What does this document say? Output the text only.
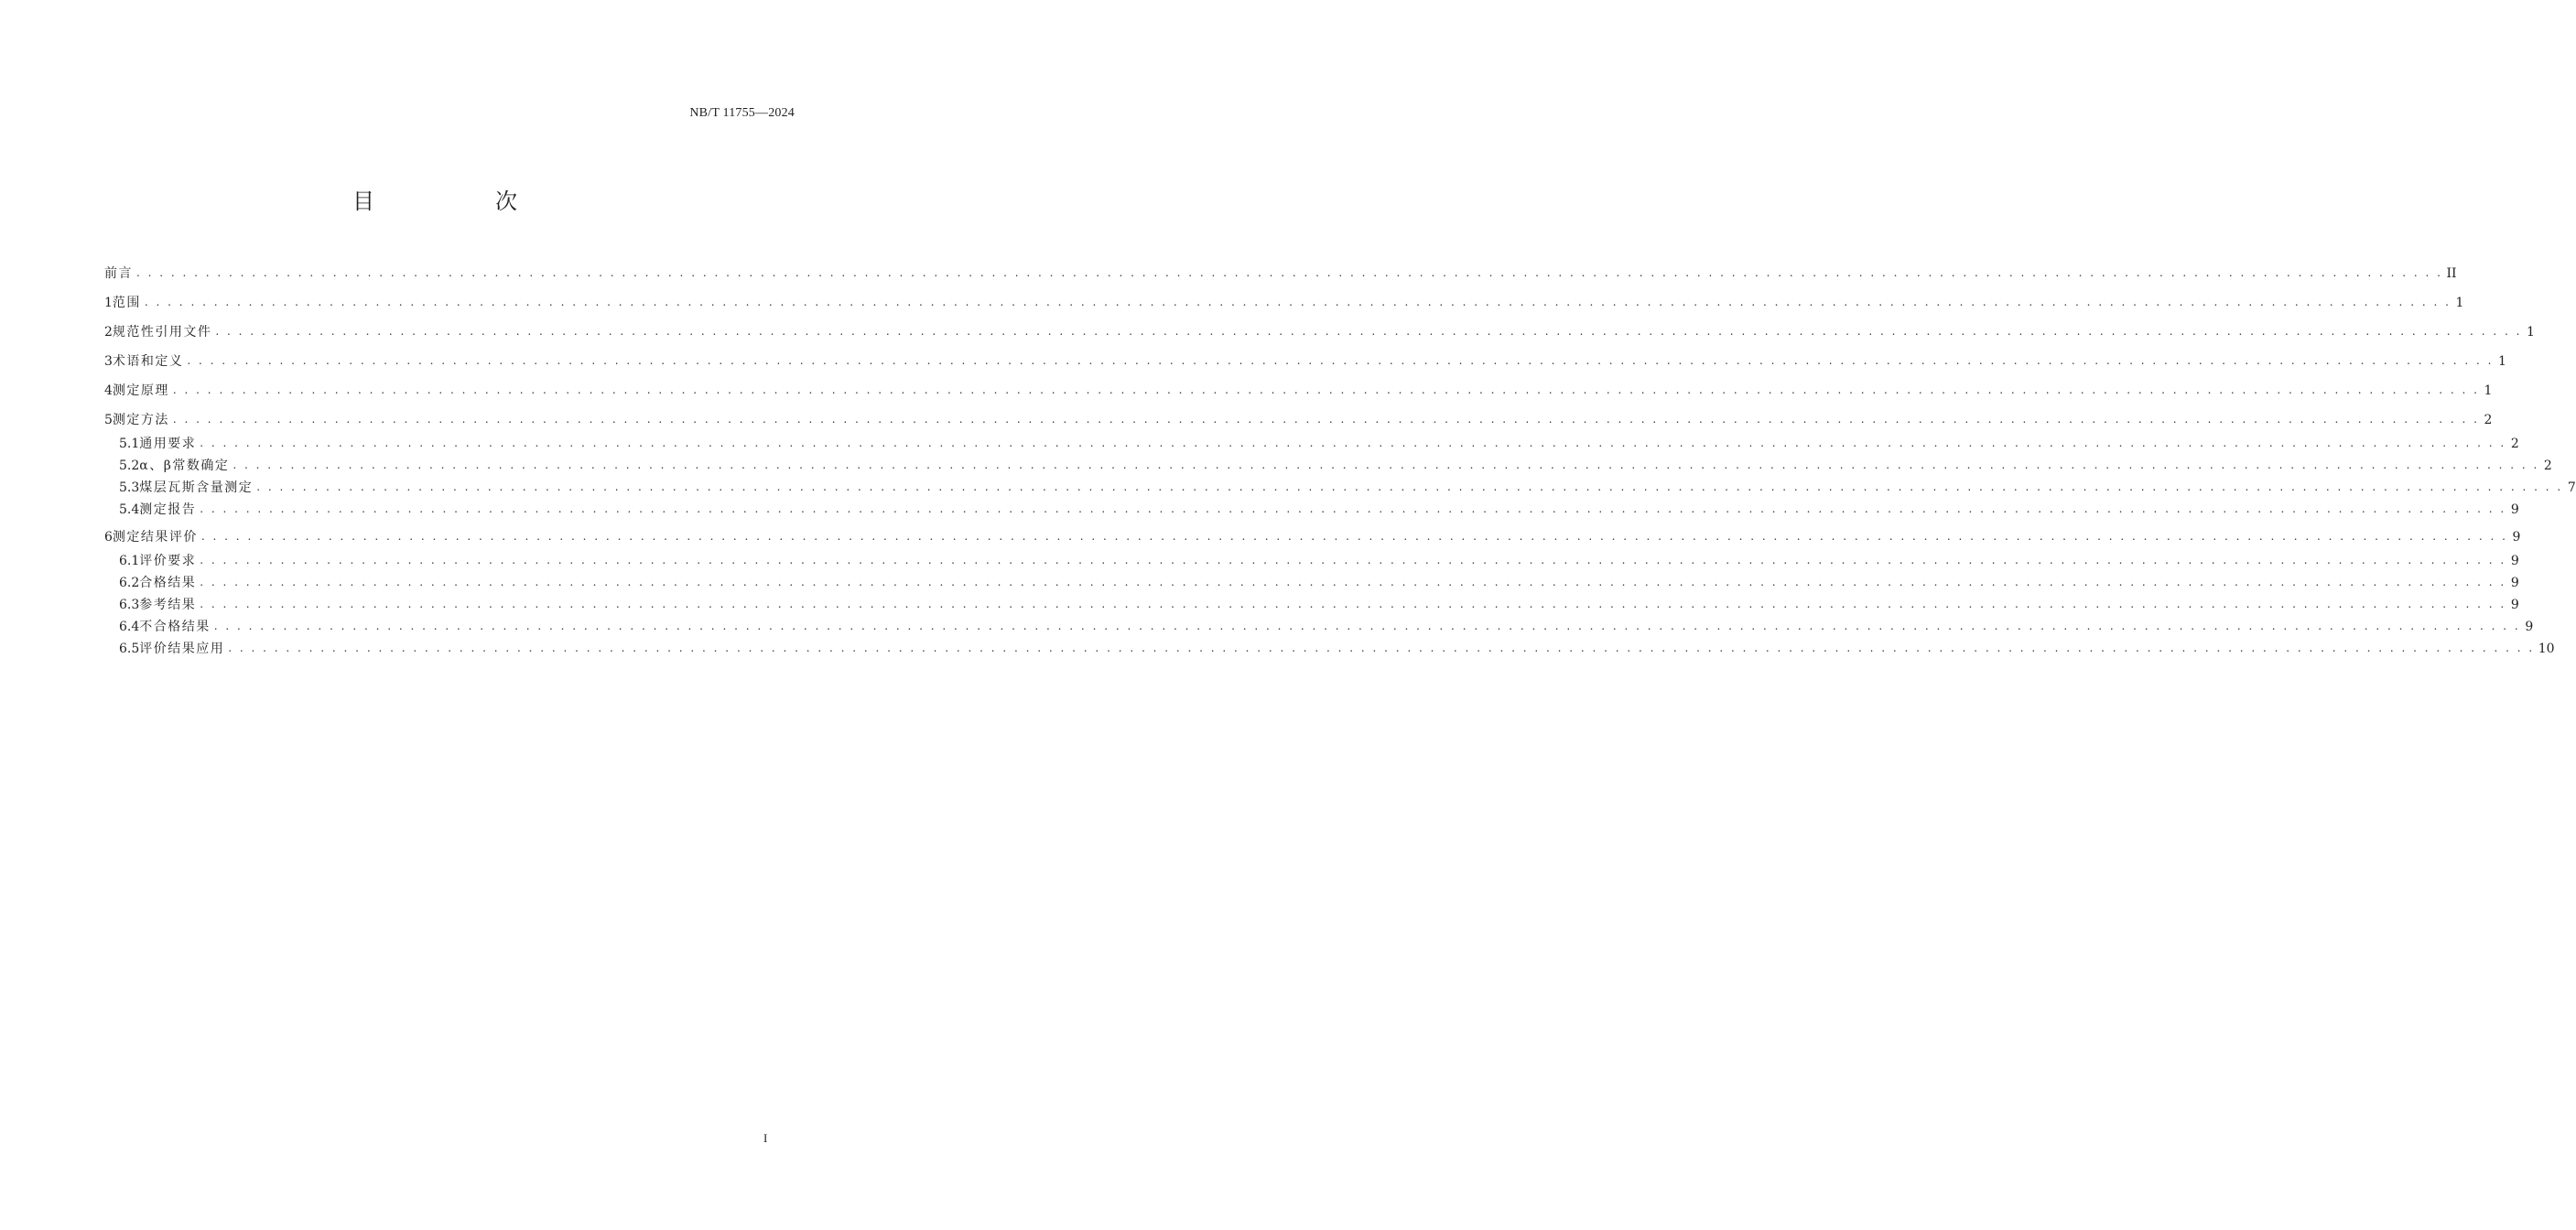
NB/T 11755—2024
目　次
前言 . . . . . . . . . . . . . . . . . . . . . . . . . . . . . . . . . . . . . . . . . . . . . . . . . . . . . . . . . . . . . . . . . . . . . . . . . . . . . . . . . . . . . . . . . . . . . . . . . . . . . . . . . . . . . . . . . . . . . . . . . . . . . . . . . . . . . . . . . . . . . . . . . . . . . . . . . . . . . . . . . . . . . . . . . . . . . . . . . . . . . . . . . . . . . . . . . . . . . . . . II
1 范围 . . . . . . . . . . . . . . . . . . . . . . . . . . . . . . . . . . . . . . . . . . . . . . . . . . . . . . . . . . . . . . . . . . . . . . . . . . . . . . . . . . . . . . . . . . . . . . . . . . . . . . . . . . . . . . . . . . . . . . . . . . . . . . . . . . . . . . . . . . . . . . . . . . . . . . . . . . . . . . . . . . . . . . . . . . . . . . . . . . . . . . . . . . . . . . . . . . . . . . . . 1
2 规范性引用文件 . . . . . . . . . . . . . . . . . . . . . . . . . . . . . . . . . . . . . . . . . . . . . . . . . . . . . . . . . . . . . . . . . . . . . . . . . . . . . . . . . . . . . . . . . . . . . . . . . . . . . . . . . . . . . . . . . . . . . . . . . . . . . . . . . . . . . . . . . . . . . . . . . . . . . . . . . . . . . . . . . . . . . . . . . . . . . . . . . . . . . . . . . . . . . . . . . . . . . . . . 1
3 术语和定义 . . . . . . . . . . . . . . . . . . . . . . . . . . . . . . . . . . . . . . . . . . . . . . . . . . . . . . . . . . . . . . . . . . . . . . . . . . . . . . . . . . . . . . . . . . . . . . . . . . . . . . . . . . . . . . . . . . . . . . . . . . . . . . . . . . . . . . . . . . . . . . . . . . . . . . . . . . . . . . . . . . . . . . . . . . . . . . . . . . . . . . . . . . . . . . . . . . . . . . . . 1
4 测定原理 . . . . . . . . . . . . . . . . . . . . . . . . . . . . . . . . . . . . . . . . . . . . . . . . . . . . . . . . . . . . . . . . . . . . . . . . . . . . . . . . . . . . . . . . . . . . . . . . . . . . . . . . . . . . . . . . . . . . . . . . . . . . . . . . . . . . . . . . . . . . . . . . . . . . . . . . . . . . . . . . . . . . . . . . . . . . . . . . . . . . . . . . . . . . . . . . . . . . . . . . 1
5 测定方法 . . . . . . . . . . . . . . . . . . . . . . . . . . . . . . . . . . . . . . . . . . . . . . . . . . . . . . . . . . . . . . . . . . . . . . . . . . . . . . . . . . . . . . . . . . . . . . . . . . . . . . . . . . . . . . . . . . . . . . . . . . . . . . . . . . . . . . . . . . . . . . . . . . . . . . . . . . . . . . . . . . . . . . . . . . . . . . . . . . . . . . . . . . . . . . . . . . . . . . . . 2
5.1 通用要求 . . . . . . . . . . . . . . . . . . . . . . . . . . . . . . . . . . . . . . . . . . . . . . . . . . . . . . . . . . . . . . . . . . . . . . . . . . . . . . . . . . . . . . . . . . . . . . . . . . . . . . . . . . . . . . . . . . . . . . . . . . . . . . . . . . . . . . . . . . . . . . . . . . . . . . . . . . . . . . . . . . . . . . . . . . . . . . . . . . . . . . . . . . . . . . . . . . . . . . . . 2
5.2 α、β常数确定 . . . . . . . . . . . . . . . . . . . . . . . . . . . . . . . . . . . . . . . . . . . . . . . . . . . . . . . . . . . . . . . . . . . . . . . . . . . . . . . . . . . . . . . . . . . . . . . . . . . . . . . . . . . . . . . . . . . . . . . . . . . . . . . . . . . . . . . . . . . . . . . . . . . . . . . . . . . . . . . . . . . . . . . . . . . . . . . . . . . . . . . . . . . . . . . . . . . . . . . . 2
5.3 煤层瓦斯含量测定 . . . . . . . . . . . . . . . . . . . . . . . . . . . . . . . . . . . . . . . . . . . . . . . . . . . . . . . . . . . . . . . . . . . . . . . . . . . . . . . . . . . . . . . . . . . . . . . . . . . . . . . . . . . . . . . . . . . . . . . . . . . . . . . . . . . . . . . . . . . . . . . . . . . . . . . . . . . . . . . . . . . . . . . . . . . . . . . . . . . . . . . . . . . . . . . . . . . . . . . . 7
5.4 测定报告 . . . . . . . . . . . . . . . . . . . . . . . . . . . . . . . . . . . . . . . . . . . . . . . . . . . . . . . . . . . . . . . . . . . . . . . . . . . . . . . . . . . . . . . . . . . . . . . . . . . . . . . . . . . . . . . . . . . . . . . . . . . . . . . . . . . . . . . . . . . . . . . . . . . . . . . . . . . . . . . . . . . . . . . . . . . . . . . . . . . . . . . . . . . . . . . . . . . . . . . . 9
6 测定结果评价 . . . . . . . . . . . . . . . . . . . . . . . . . . . . . . . . . . . . . . . . . . . . . . . . . . . . . . . . . . . . . . . . . . . . . . . . . . . . . . . . . . . . . . . . . . . . . . . . . . . . . . . . . . . . . . . . . . . . . . . . . . . . . . . . . . . . . . . . . . . . . . . . . . . . . . . . . . . . . . . . . . . . . . . . . . . . . . . . . . . . . . . . . . . . . . . . . . . . . . . . 9
6.1 评价要求 . . . . . . . . . . . . . . . . . . . . . . . . . . . . . . . . . . . . . . . . . . . . . . . . . . . . . . . . . . . . . . . . . . . . . . . . . . . . . . . . . . . . . . . . . . . . . . . . . . . . . . . . . . . . . . . . . . . . . . . . . . . . . . . . . . . . . . . . . . . . . . . . . . . . . . . . . . . . . . . . . . . . . . . . . . . . . . . . . . . . . . . . . . . . . . . . . . . . . . . . 9
6.2 合格结果 . . . . . . . . . . . . . . . . . . . . . . . . . . . . . . . . . . . . . . . . . . . . . . . . . . . . . . . . . . . . . . . . . . . . . . . . . . . . . . . . . . . . . . . . . . . . . . . . . . . . . . . . . . . . . . . . . . . . . . . . . . . . . . . . . . . . . . . . . . . . . . . . . . . . . . . . . . . . . . . . . . . . . . . . . . . . . . . . . . . . . . . . . . . . . . . . . . . . . . . . 9
6.3 参考结果 . . . . . . . . . . . . . . . . . . . . . . . . . . . . . . . . . . . . . . . . . . . . . . . . . . . . . . . . . . . . . . . . . . . . . . . . . . . . . . . . . . . . . . . . . . . . . . . . . . . . . . . . . . . . . . . . . . . . . . . . . . . . . . . . . . . . . . . . . . . . . . . . . . . . . . . . . . . . . . . . . . . . . . . . . . . . . . . . . . . . . . . . . . . . . . . . . . . . . . . . 9
6.4 不合格结果 . . . . . . . . . . . . . . . . . . . . . . . . . . . . . . . . . . . . . . . . . . . . . . . . . . . . . . . . . . . . . . . . . . . . . . . . . . . . . . . . . . . . . . . . . . . . . . . . . . . . . . . . . . . . . . . . . . . . . . . . . . . . . . . . . . . . . . . . . . . . . . . . . . . . . . . . . . . . . . . . . . . . . . . . . . . . . . . . . . . . . . . . . . . . . . . . . . . . . . . . 9
6.5 评价结果应用 . . . . . . . . . . . . . . . . . . . . . . . . . . . . . . . . . . . . . . . . . . . . . . . . . . . . . . . . . . . . . . . . . . . . . . . . . . . . . . . . . . . . . . . . . . . . . . . . . . . . . . . . . . . . . . . . . . . . . . . . . . . . . . . . . . . . . . . . . . . . . . . . . . . . . . . . . . . . . . . . . . . . . . . . . . . . . . . . . . . . . . . . . . . . . . . . . . . . . . . . 10
I
